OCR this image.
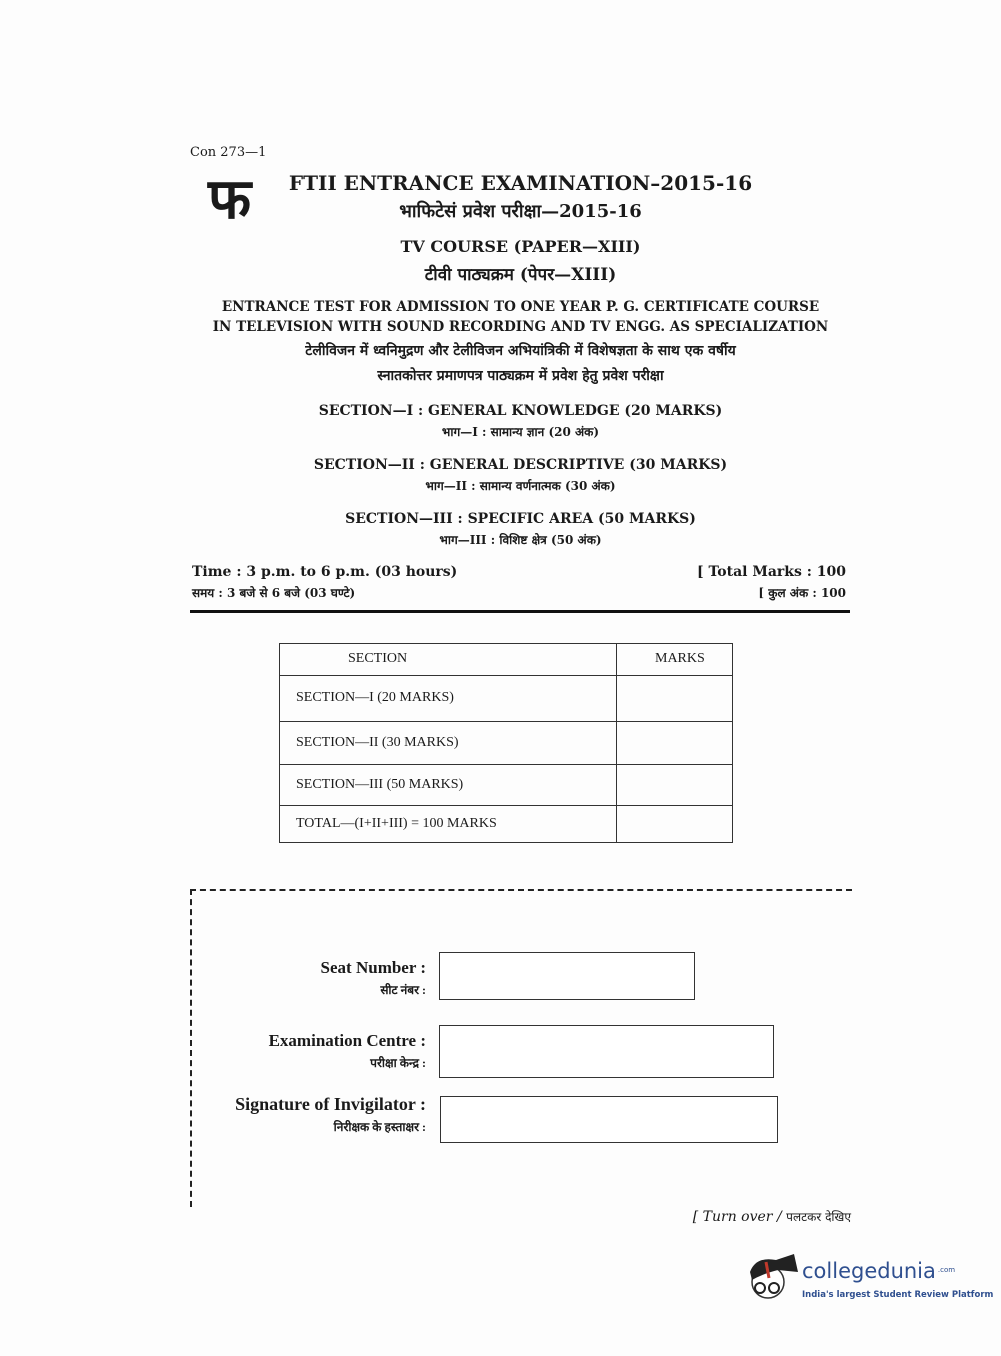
Con 273—1
फ	FTII ENTRANCE EXAMINATION–2015-16
भाफिटेसं प्रवेश परीक्षा—2015-16
TV COURSE (PAPER—XIII)
टीवी पाठ्यक्रम (पेपर—XIII)
ENTRANCE TEST FOR ADMISSION TO ONE YEAR P. G. CERTIFICATE COURSE
IN TELEVISION WITH SOUND RECORDING AND TV ENGG. AS SPECIALIZATION
टेलीविजन में ध्वनिमुद्रण और टेलीविजन अभियांत्रिकी में विशेषज्ञता के साथ एक वर्षीय
स्नातकोत्तर प्रमाणपत्र पाठ्यक्रम में प्रवेश हेतु प्रवेश परीक्षा
SECTION—I : GENERAL KNOWLEDGE (20 MARKS)
भाग—I : सामान्य ज्ञान (20 अंक)
SECTION—II : GENERAL DESCRIPTIVE (30 MARKS)
भाग—II : सामान्य वर्णनात्मक (30 अंक)
SECTION—III : SPECIFIC AREA (50 MARKS)
भाग—III : विशिष्ट क्षेत्र (50 अंक)
Time : 3 p.m. to 6 p.m. (03 hours)
समय : 3 बजे से 6 बजे (03 घण्टे)
[ Total Marks : 100
[ कुल अंक : 100
SECTION	MARKS
SECTION—I (20 MARKS)	
SECTION—II (30 MARKS)	
SECTION—III (50 MARKS)	
TOTAL—(I+II+III) = 100 MARKS	
Seat Number :
सीट नंबर :
Examination Centre :
परीक्षा केन्द्र :
Signature of Invigilator :
निरीक्षक के हस्ताक्षर :
[ Turn over / पलटकर देखिए
collegedunia .com
India's largest Student Review Platform
